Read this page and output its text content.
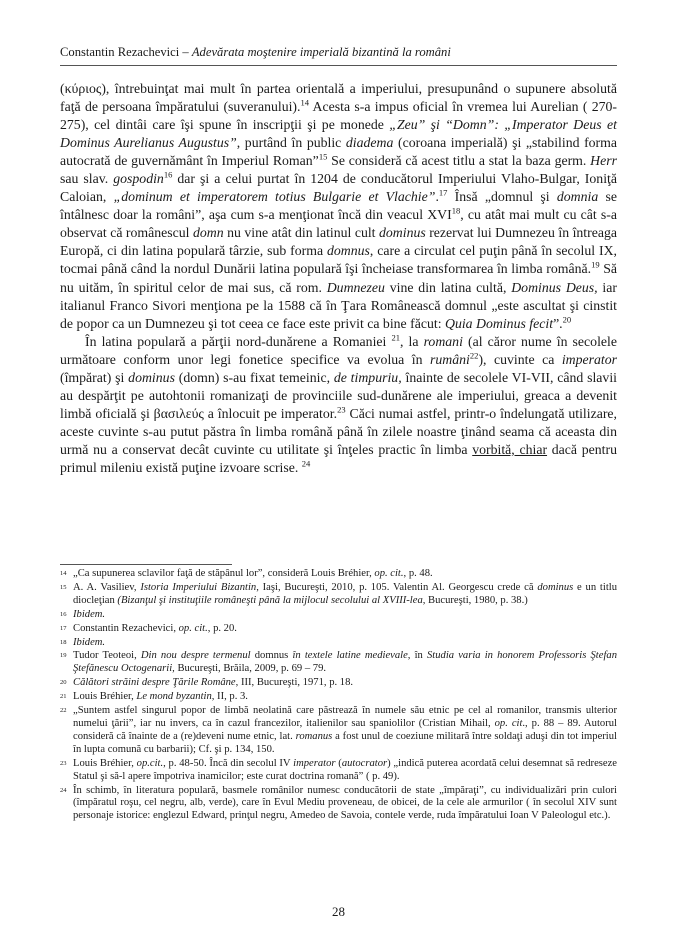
Constantin Rezachevici – Adevărata moştenire imperială bizantină la români

(κύριος), întrebuinţat mai mult în partea orientală a imperiului, presupunând o supunere absolută faţă de persoana împăratului (suveranului).$^{14}$ Acesta s-a impus oficial în vremea lui Aurelian ( 270-275), cel dintâi care îşi spune în inscripţii şi pe monede „Zeu” şi “Domn”: „Imperator Deus et Dominus Aurelianus Augustus”, purtând în public diadema (coroana imperială) şi „stabilind forma autocrată de guvernământ în Imperiul Roman”$^{15}$ Se consideră că acest titlu a stat la baza germ. Herr sau slav. gospodin$^{16}$ dar şi a celui purtat în 1204 de conducătorul Imperiului Vlaho-Bulgar, Ioniţă Caloian, „dominum et imperatorem totius Bulgarie et Vlachie”.$^{17}$ Însă „domnul şi domnia se întâlnesc doar la români”, aşa cum s-a menţionat încă din veacul XVI$^{18}$, cu atât mai mult cu cât s-a observat că românescul domn nu vine atât din latinul cult dominus rezervat lui Dumnezeu în întreaga Europă, ci din latina populară târzie, sub forma domnus, care a circulat cel puţin până în secolul IX, tocmai până când la nordul Dunării latina populară îşi încheiase transformarea în limba română.$^{19}$ Să nu uităm, în spiritul celor de mai sus, că rom. Dumnezeu vine din latina cultă, Dominus Deus, iar italianul Franco Sivori menţiona pe la 1588 că în Ţara Românească domnul „este ascultat şi cinstit de popor ca un Dumnezeu şi tot ceea ce face este privit ca bine făcut: Quia Dominus fecit”.$^{20}$

În latina populară a părţii nord-dunărene a Romaniei $^{21}$, la romani (al căror nume în secolele următoare conform unor legi fonetice specifice va evolua în rumâni$^{22}$), cuvinte ca imperator (împărat) şi dominus (domn) s-au fixat temeinic, de timpuriu, înainte de secolele VI-VII, când slavii au despărţit pe autohtonii romanizaţi de provinciile sud-dunărene ale imperiului, greaca a devenit limbă oficială şi βασιλεύς a înlocuit pe imperator.$^{23}$ Căci numai astfel, printr-o îndelungată utilizare, aceste cuvinte s-au putut păstra în limba română până în zilele noastre ţinând seama că aceasta din urmă nu a conservat decât cuvinte cu utilitate şi înţeles practic în limba vorbită, chiar dacă pentru primul mileniu există puţine izvoare scrise. $^{24}$

14 „Ca supunerea sclavilor faţă de stăpânul lor”, consideră Louis Bréhier, op. cit., p. 48.
15 A. A. Vasiliev, Istoria Imperiului Bizantin, Iaşi, Bucureşti, 2010, p. 105. Valentin Al. Georgescu crede că dominus e un titlu diocleţian (Bizanţul şi instituţiile româneşti până la mijlocul secolului al XVIII-lea, Bucureşti, 1980, p. 38.)
16 Ibidem.
17 Constantin Rezachevici, op. cit., p. 20.
18 Ibidem.
19 Tudor Teoteoi, Din nou despre termenul domnus în textele latine medievale, în Studia varia in honorem Professoris Ştefan Ştefănescu Octogenarii, Bucureşti, Brăila, 2009, p. 69 – 79.
20 Călători străini despre Ţările Române, III, Bucureşti, 1971, p. 18.
21 Louis Bréhier, Le mond byzantin, II, p. 3.
22 „Suntem astfel singurul popor de limbă neolatină care păstrează în numele său etnic pe cel al romanilor, transmis ulterior numelui ţării”, iar nu invers, ca în cazul francezilor, italienilor sau spaniolilor (Cristian Mihail, op. cit., p. 88 – 89. Autorul consideră că înainte de a (re)deveni nume etnic, lat. romanus a fost unul de coeziune militară între soldaţi aduşi din tot imperiul în lupta comună cu barbarii); Cf. şi p. 134, 150.
23 Louis Bréhier, op.cit., p. 48-50. Încă din secolul IV imperator (autocrator) „indică puterea acordată celui desemnat să redreseze Statul şi să-l apere împotriva inamicilor; este curat doctrina romană” ( p. 49).
24 În schimb, în literatura populară, basmele românilor numesc conducătorii de state „împăraţi”, cu individualizări prin culori (împăratul roşu, cel negru, alb, verde), care în Evul Mediu proveneau, de obicei, de la cele ale armurilor ( în secolul XIV sunt personaje istorice: englezul Edward, prinţul negru, Amedeo de Savoia, contele verde, ruda împăratului Ioan V Paleologul etc.).
28
